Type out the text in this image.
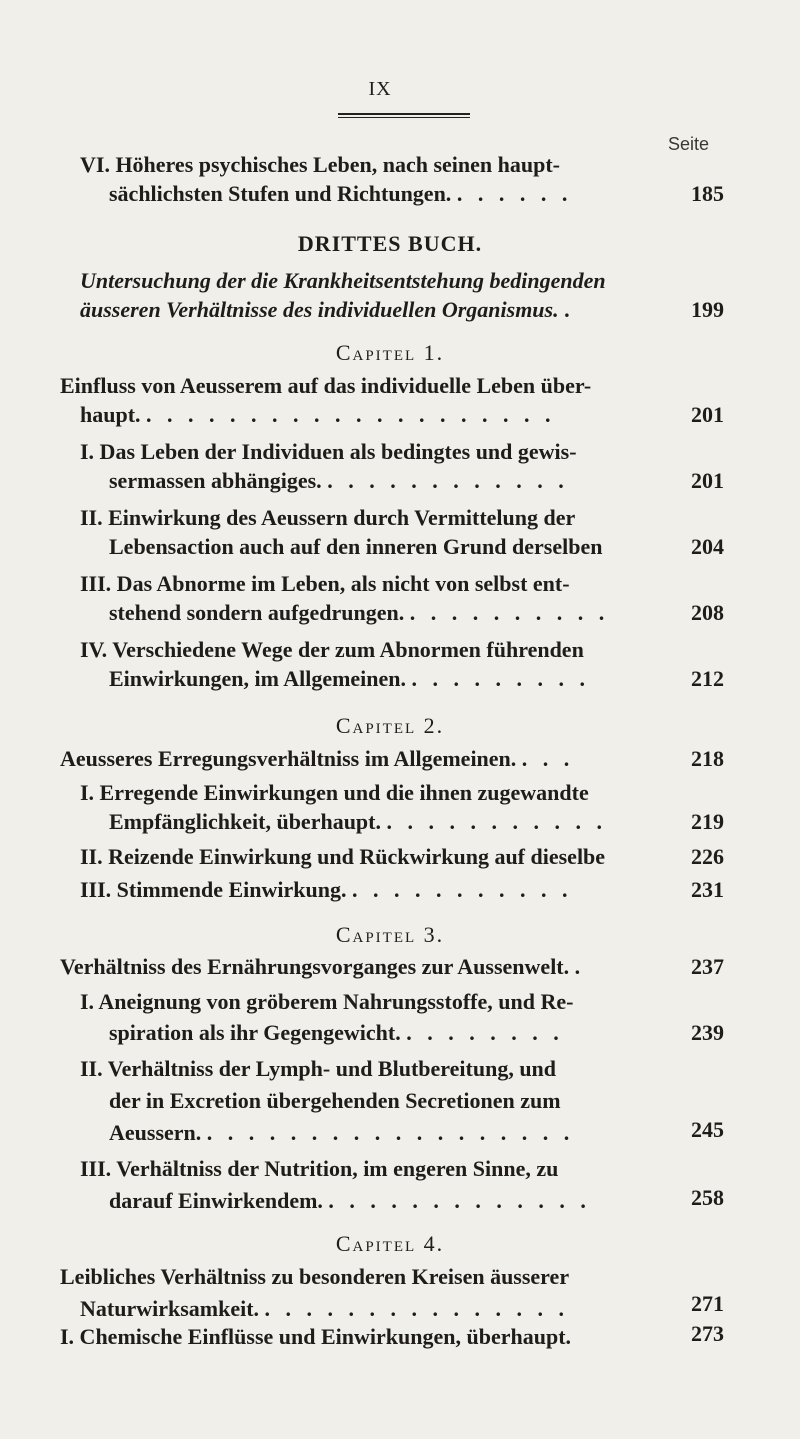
IX
Seite
VI. Höheres psychisches Leben, nach seinen haupt-
sächlichsten Stufen und Richtungen. . . . . . .	185
DRITTES BUCH.
Untersuchung der die Krankheitsentstehung bedingenden
äusseren Verhältnisse des individuellen Organismus. .	199
Capitel 1.
Einfluss von Aeusserem auf das individuelle Leben über-
haupt. . . . . . . . . . . . . . . . . . . . .	201
I. Das Leben der Individuen als bedingtes und gewis-
sermassen abhängiges. . . . . . . . . . . . .	201
II. Einwirkung des Aeussern durch Vermittelung der
Lebensaction auch auf den inneren Grund derselben	204
III. Das Abnorme im Leben, als nicht von selbst ent-
stehend sondern aufgedrungen. . . . . . . . . . .	208
IV. Verschiedene Wege der zum Abnormen führenden
Einwirkungen, im Allgemeinen. . . . . . . . . .	212
Capitel 2.
Aeusseres Erregungsverhältniss im Allgemeinen. . . .	218
I. Erregende Einwirkungen und die ihnen zugewandte
Empfänglichkeit, überhaupt. . . . . . . . . . . .	219
II. Reizende Einwirkung und Rückwirkung auf dieselbe	226
III. Stimmende Einwirkung. . . . . . . . . . . .	231
Capitel 3.
Verhältniss des Ernährungsvorganges zur Aussenwelt. .	237
I. Aneignung von gröberem Nahrungsstoffe, und Re-
spiration als ihr Gegengewicht. . . . . . . . .	239
II. Verhältniss der Lymph- und Blutbereitung, und
der in Excretion übergehenden Secretionen zum
Aeussern. . . . . . . . . . . . . . . . . . .	245
III. Verhältniss der Nutrition, im engeren Sinne, zu
darauf Einwirkendem. . . . . . . . . . . . . .	258
Capitel 4.
Leibliches Verhältniss zu besonderen Kreisen äusserer
Naturwirksamkeit. . . . . . . . . . . . . . . .	271
I. Chemische Einflüsse und Einwirkungen, überhaupt.	273
